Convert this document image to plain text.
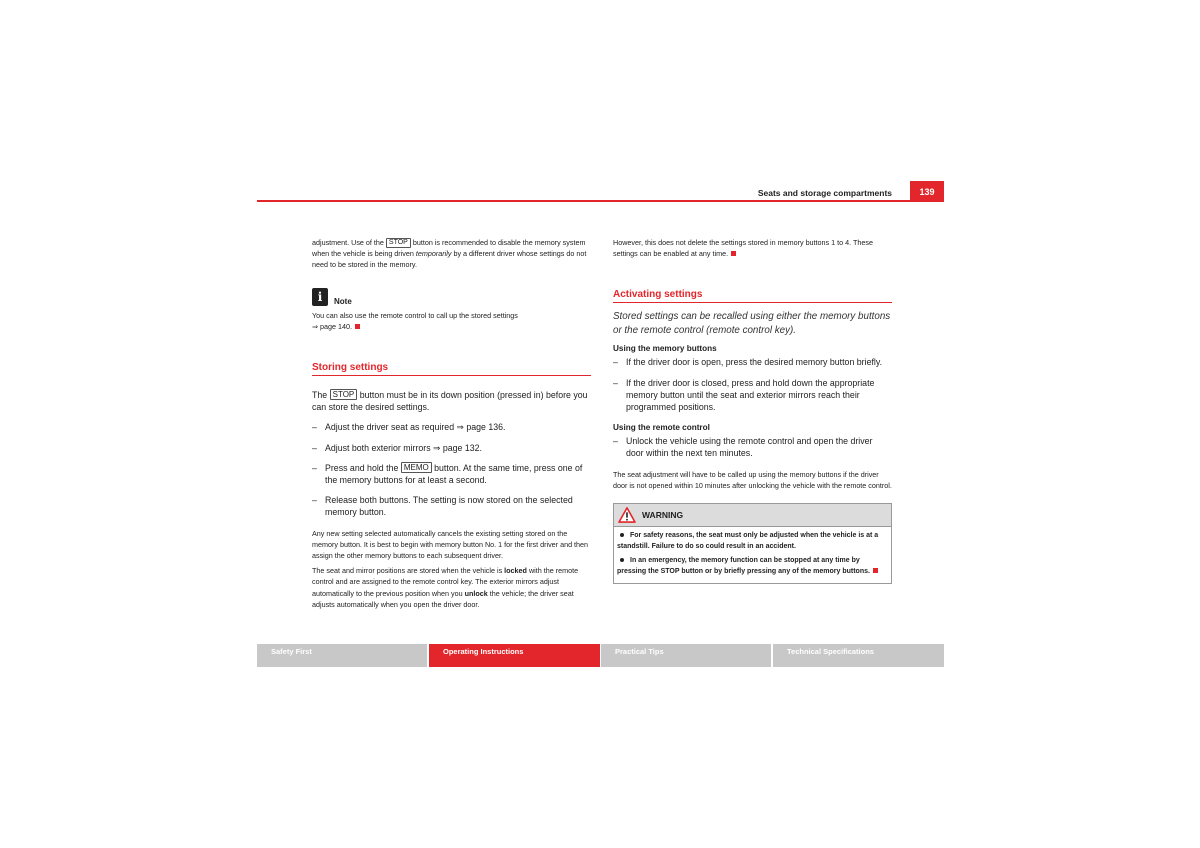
Seats and storage compartments	139

adjustment. Use of the STOP button is recommended to disable the memory system when the vehicle is being driven temporarily by a different driver whose settings do not need to be stored in the memory.

i	Note

You can also use the remote control to call up the stored settings
⇒ page 140.

Storing settings

The STOP button must be in its down position (pressed in) before you can store the desired settings.

– Adjust the driver seat as required ⇒ page 136.
– Adjust both exterior mirrors ⇒ page 132.
– Press and hold the MEMO button. At the same time, press one of the memory buttons for at least a second.
– Release both buttons. The setting is now stored on the selected memory button.

Any new setting selected automatically cancels the existing setting stored on the memory button. It is best to begin with memory button No. 1 for the first driver and then assign the other memory buttons to each subsequent driver.

The seat and mirror positions are stored when the vehicle is locked with the remote control and are assigned to the remote control key. The exterior mirrors adjust automatically to the previous position when you unlock the vehicle; the driver seat adjusts automatically when you open the driver door.

However, this does not delete the settings stored in memory buttons 1 to 4. These settings can be enabled at any time.

Activating settings

Stored settings can be recalled using either the memory buttons or the remote control (remote control key).

Using the memory buttons

– If the driver door is open, press the desired memory button briefly.
– If the driver door is closed, press and hold down the appropriate memory button until the seat and exterior mirrors reach their programmed positions.

Using the remote control

– Unlock the vehicle using the remote control and open the driver door within the next ten minutes.

The seat adjustment will have to be called up using the memory buttons if the driver door is not opened within 10 minutes after unlocking the vehicle with the remote control.

WARNING

For safety reasons, the seat must only be adjusted when the vehicle is at a standstill. Failure to do so could result in an accident.

In an emergency, the memory function can be stopped at any time by pressing the STOP button or by briefly pressing any of the memory buttons.

Safety First	Operating Instructions	Practical Tips	Technical Specifications
